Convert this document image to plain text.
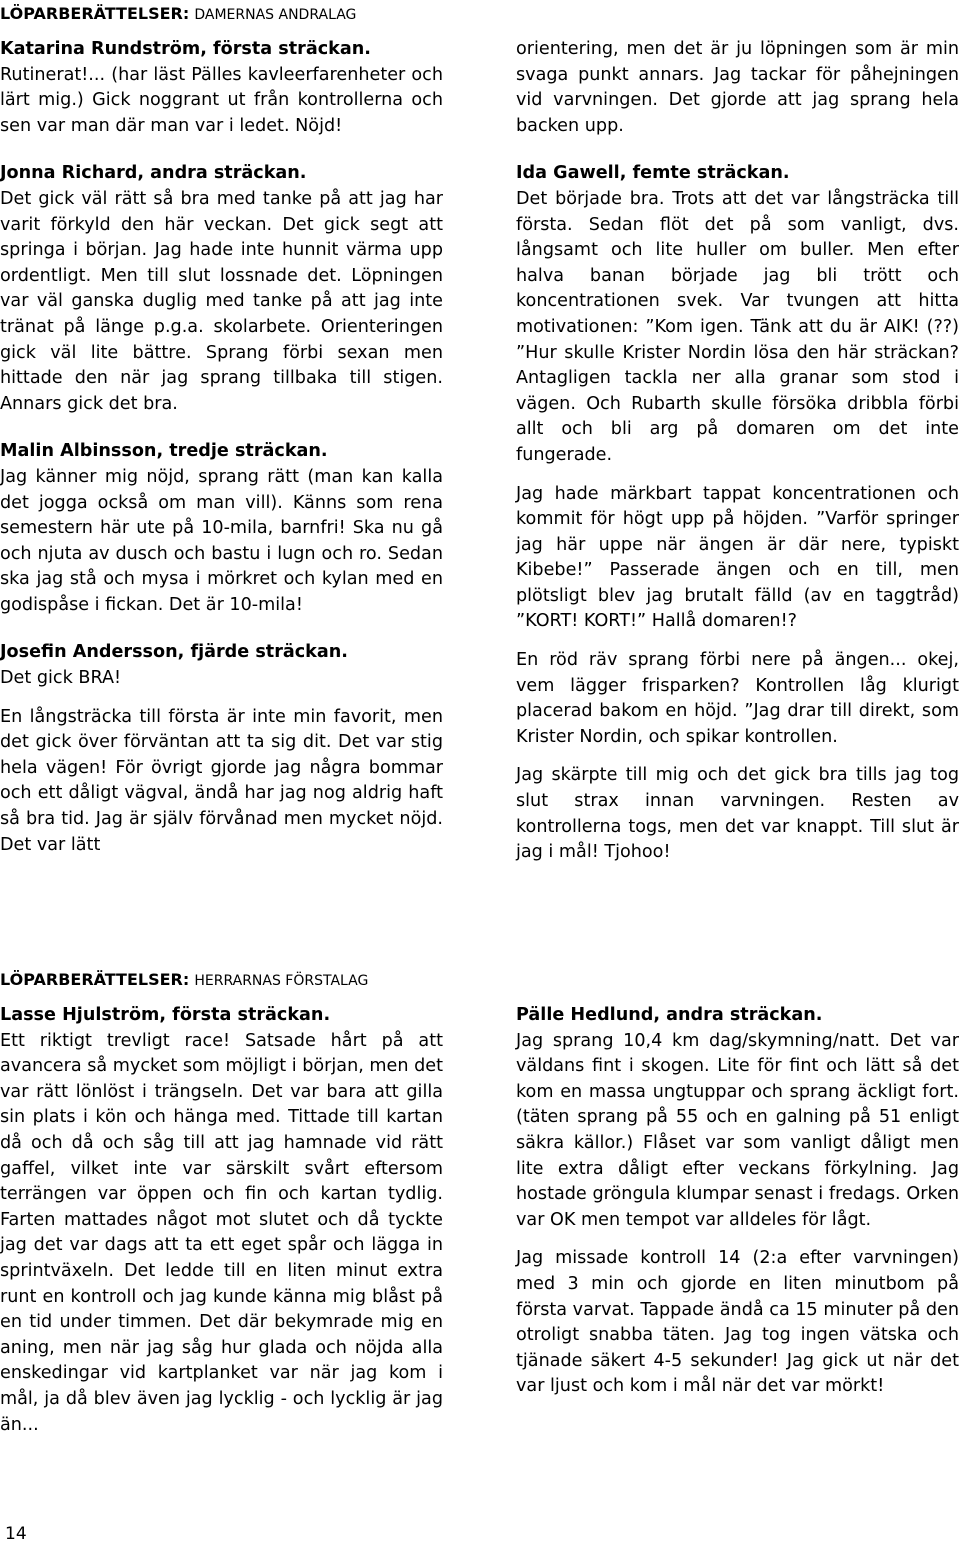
LÖPARBERÄTTELSER: DAMERNAS ANDRALAG

Katarina Rundström, första sträckan.

Rutinerat!... (har läst Pälles kavleerfarenheter och lärt mig.) Gick noggrant ut från kontrollerna och sen var man där man var i ledet. Nöjd!

Jonna Richard, andra sträckan.

Det gick väl rätt så bra med tanke på att jag har varit förkyld den här veckan. Det gick segt att springa i början. Jag hade inte hunnit värma upp ordentligt. Men till slut lossnade det. Löpningen var väl ganska duglig med tanke på att jag inte tränat på länge p.g.a. skolarbete. Orienteringen gick väl lite bättre. Sprang förbi sexan men hittade den när jag sprang tillbaka till stigen. Annars gick det bra.

Malin Albinsson, tredje sträckan.

Jag känner mig nöjd, sprang rätt (man kan kalla det jogga också om man vill). Känns som rena semestern här ute på 10-mila, barnfri! Ska nu gå och njuta av dusch och bastu i lugn och ro. Sedan ska jag stå och mysa i mörkret och kylan med en godispåse i fickan. Det är 10-mila!

Josefin Andersson, fjärde sträckan.

Det gick BRA!

En långsträcka till första är inte min favorit, men det gick över förväntan att ta sig dit. Det var stig hela vägen! För övrigt gjorde jag några bommar och ett dåligt vägval, ändå har jag nog aldrig haft så bra tid. Jag är själv förvånad men mycket nöjd. Det var lätt

orientering, men det är ju löpningen som är min svaga punkt annars. Jag tackar för påhejningen vid varvningen. Det gjorde att jag sprang hela backen upp.

Ida Gawell, femte sträckan.

Det började bra. Trots att det var långsträcka till första. Sedan flöt det på som vanligt, dvs. långsamt och lite huller om buller. Men efter halva banan började jag bli trött och koncentrationen svek. Var tvungen att hitta motivationen: ”Kom igen. Tänk att du är AIK! (??) ”Hur skulle Krister Nordin lösa den här sträckan? Antagligen tackla ner alla granar som stod i vägen. Och Rubarth skulle försöka dribbla förbi allt och bli arg på domaren om det inte fungerade.

Jag hade märkbart tappat koncentrationen och kommit för högt upp på höjden. ”Varför springer jag här uppe när ängen är där nere, typiskt Kibebe!” Passerade ängen och en till, men plötsligt blev jag brutalt fälld (av en taggtråd) ”KORT! KORT!” Hallå domaren!?

En röd räv sprang förbi nere på ängen... okej, vem lägger frisparken? Kontrollen låg klurigt placerad bakom en höjd. ”Jag drar till direkt, som Krister Nordin, och spikar kontrollen.

Jag skärpte till mig och det gick bra tills jag tog slut strax innan varvningen. Resten av kontrollerna togs, men det var knappt. Till slut är jag i mål! Tjohoo!

LÖPARBERÄTTELSER: HERRARNAS FÖRSTALAG

Lasse Hjulström, första sträckan.

Ett riktigt trevligt race! Satsade hårt på att avancera så mycket som möjligt i början, men det var rätt lönlöst i trängseln. Det var bara att gilla sin plats i kön och hänga med. Tittade till kartan då och då och såg till att jag hamnade vid rätt gaffel, vilket inte var särskilt svårt eftersom terrängen var öppen och fin och kartan tydlig. Farten mattades något mot slutet och då tyckte jag det var dags att ta ett eget spår och lägga in sprintväxeln. Det ledde till en liten minut extra runt en kontroll och jag kunde känna mig blåst på en tid under timmen. Det där bekymrade mig en aning, men när jag såg hur glada och nöjda alla enskedingar vid kartplanket var när jag kom i mål, ja då blev även jag lycklig - och lycklig är jag än...

Pälle Hedlund, andra sträckan.

Jag sprang 10,4 km dag/skymning/natt. Det var väldans fint i skogen. Lite för fint och lätt så det kom en massa ungtuppar och sprang äckligt fort. (täten sprang på 55 och en galning på 51 enligt säkra källor.) Flåset var som vanligt dåligt men lite extra dåligt efter veckans förkylning. Jag hostade gröngula klumpar senast i fredags. Orken var OK men tempot var alldeles för lågt.

Jag missade kontroll 14 (2:a efter varvningen) med 3 min och gjorde en liten minutbom på första varvat. Tappade ändå ca 15 minuter på den otroligt snabba täten. Jag tog ingen vätska och tjänade säkert 4-5 sekunder! Jag gick ut när det var ljust och kom i mål när det var mörkt!

14
